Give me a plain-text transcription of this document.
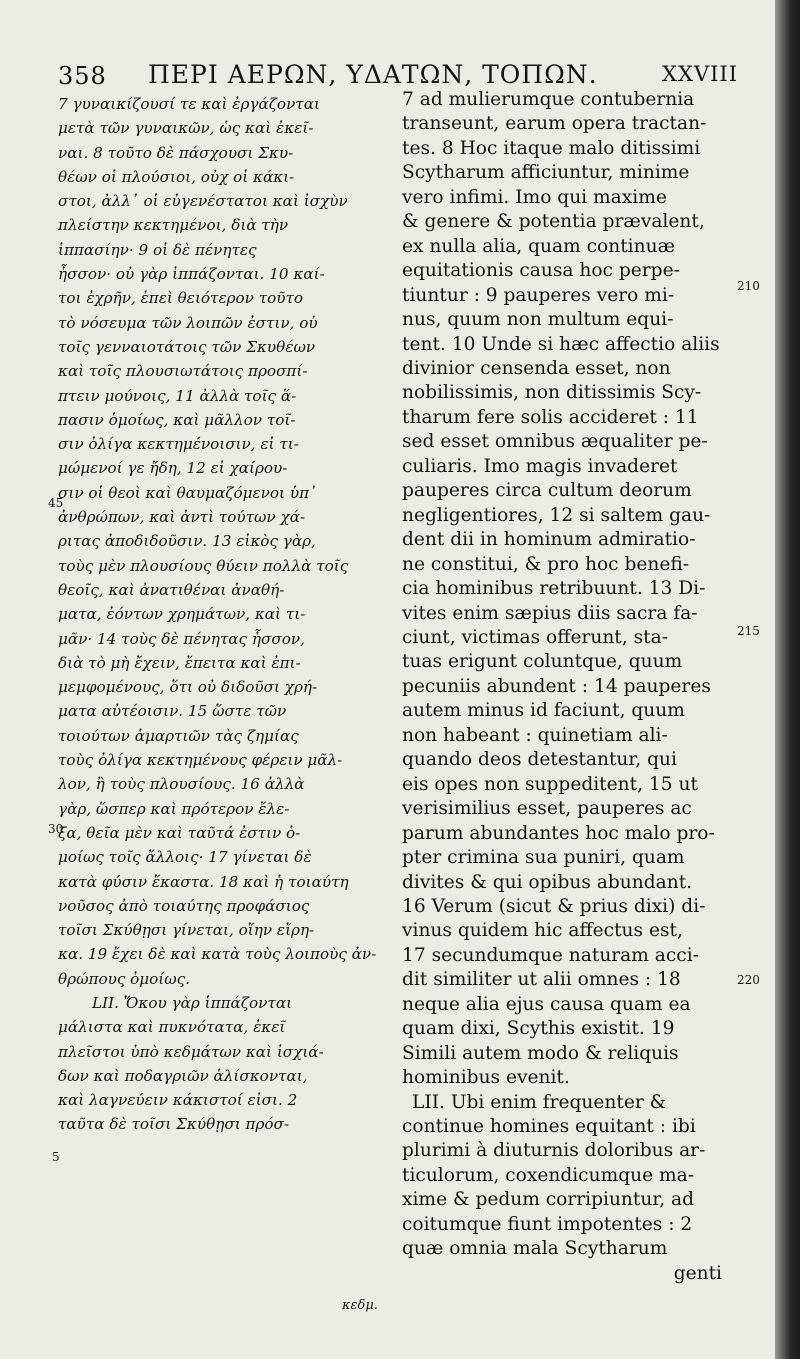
358 ΠΕΡΙ ΑΕΡΩΝ, ΥΔΑΤΩΝ, ΤΟΠΩΝ.	XXVIII
7 γυναικίζουσί τε καὶ ἐργάζονται
μετὰ τῶν γυναικῶν, ὡς καὶ ἐκεῖ-
ναι. 8 τοῦτο δὲ πάσχουσι Σκυ-
θέων οἱ πλούσιοι, οὐχ οἱ κάκι-
στοι, ἀλλ᾽ οἱ εὐγενέστατοι καὶ ἰσχὺν
πλείστην κεκτημένοι, διὰ τὴν
ἱππασίην· 9 οἱ δὲ πένητες
ἧσσον· οὐ γὰρ ἱππάζονται. 10 καί-
τοι ἐχρῆν, ἐπεὶ θειότερον τοῦτο
τὸ νόσευμα τῶν λοιπῶν ἐστιν, οὐ
τοῖς γενναιοτάτοις τῶν Σκυθέων
καὶ τοῖς πλουσιωτάτοις προσπί-
πτειν μούνοις, 11 ἀλλὰ τοῖς ἅ-
πασιν ὁμοίως, καὶ μᾶλλον τοῖ-
σιν ὀλίγα κεκτημένοισιν, εἰ τι-
μώμενοί γε ἤδη, 12 εἰ χαίρου-
σιν οἱ θεοὶ καὶ θαυμαζόμενοι ὑπ᾽
ἀνθρώπων, καὶ ἀντὶ τούτων χά-
ριτας ἀποδιδοῦσιν. 13 εἰκὸς γὰρ,
τοὺς μὲν πλουσίους θύειν πολλὰ τοῖς
θεοῖς, καὶ ἀνατιθέναι ἀναθή-
ματα, ἐόντων χρημάτων, καὶ τι-
μᾶν· 14 τοὺς δὲ πένητας ἧσσον,
διὰ τὸ μὴ ἔχειν, ἔπειτα καὶ ἐπι-
μεμφομένους, ὅτι οὐ διδοῦσι χρή-
ματα αὐτέοισιν. 15 ὥστε τῶν
τοιούτων ἁμαρτιῶν τὰς ζημίας
τοὺς ὀλίγα κεκτημένους φέρειν μᾶλ-
λον, ἢ τοὺς πλουσίους. 16 ἀλλὰ
γὰρ, ὥσπερ καὶ πρότερον ἔλε-
ξα, θεῖα μὲν καὶ ταῦτά ἐστιν ὁ-
μοίως τοῖς ἄλλοις· 17 γίνεται δὲ
κατὰ φύσιν ἕκαστα. 18 καὶ ἡ τοιαύτη
νοῦσος ἀπὸ τοιαύτης προφάσιος
τοῖσι Σκύθῃσι γίνεται, οἵην εἴρη-
κα. 19 ἔχει δὲ καὶ κατὰ τοὺς λοιποὺς ἀν-
θρώπους ὁμοίως.
LII. Ὅκου γὰρ ἱππάζονται
μάλιστα καὶ πυκνότατα, ἐκεῖ
πλεῖστοι ὑπὸ κεδμάτων καὶ ἰσχιά-
δων καὶ ποδαγριῶν ἁλίσκονται,
καὶ λαγνεύειν κάκιστοί εἰσι. 2
ταῦτα δὲ τοῖσι Σκύθῃσι πρόσ-
7 ad mulierumque contubernia
transeunt, earum opera tractan-
tes. 8 Hoc itaque malo ditissimi
Scytharum afficiuntur, minime
vero infimi. Imo qui maxime
& genere & potentia prævalent,
ex nulla alia, quam continuæ
equitationis causa hoc perpe-
tiuntur : 9 pauperes vero mi-
nus, quum non multum equi-
tent. 10 Unde si hæc affectio aliis
divinior censenda esset, non
nobilissimis, non ditissimis Scy-
tharum fere solis accideret : 11
sed esset omnibus æqualiter pe-
culiaris. Imo magis invaderet
pauperes circa cultum deorum
negligentiores, 12 si saltem gau-
dent dii in hominum admiratio-
ne constitui, & pro hoc benefi-
cia hominibus retribuunt. 13 Di-
vites enim sæpius diis sacra fa-
ciunt, victimas offerunt, sta-
tuas erigunt coluntque, quum
pecuniis abundent : 14 pauperes
autem minus id faciunt, quum
non habeant : quinetiam ali-
quando deos detestantur, qui
eis opes non suppeditent, 15 ut
verisimilius esset, pauperes ac
parum abundantes hoc malo pro-
pter crimina sua puniri, quam
divites & qui opibus abundant.
16 Verum (sicut & prius dixi) di-
vinus quidem hic affectus est,
17 secundumque naturam acci-
dit similiter ut alii omnes : 18
neque alia ejus causa quam ea
quam dixi, Scythis existit. 19
Simili autem modo & reliquis
hominibus evenit.
LII. Ubi enim frequenter &
continue homines equitant : ibi
plurimi à diuturnis doloribus ar-
ticulorum, coxendicumque ma-
xime & pedum corripiuntur, ad
coitumque fiunt impotentes : 2
quæ omnia mala Scytharum
genti
45
30
5
210
215
220
κεδμ.
